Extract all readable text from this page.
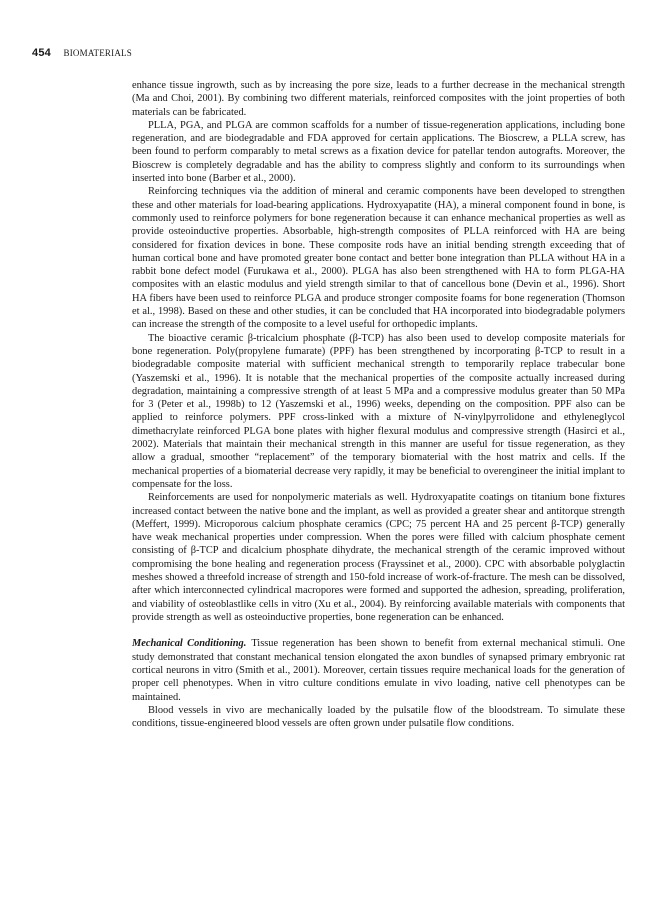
454 BIOMATERIALS

enhance tissue ingrowth, such as by increasing the pore size, leads to a further decrease in the mechanical strength (Ma and Choi, 2001). By combining two different materials, reinforced composites with the joint properties of both materials can be fabricated.

PLLA, PGA, and PLGA are common scaffolds for a number of tissue-regeneration applications, including bone regeneration, and are biodegradable and FDA approved for certain applications. The Bioscrew, a PLLA screw, has been found to perform comparably to metal screws as a fixation device for patellar tendon autografts. Moreover, the Bioscrew is completely degradable and has the ability to compress slightly and conform to its surroundings when inserted into bone (Barber et al., 2000).

Reinforcing techniques via the addition of mineral and ceramic components have been developed to strengthen these and other materials for load-bearing applications. Hydroxyapatite (HA), a mineral component found in bone, is commonly used to reinforce polymers for bone regeneration because it can enhance mechanical properties as well as provide osteoinductive properties. Absorbable, high-strength composites of PLLA reinforced with HA are being considered for fixation devices in bone. These composite rods have an initial bending strength exceeding that of human cortical bone and have promoted greater bone contact and better bone integration than PLLA without HA in a rabbit bone defect model (Furukawa et al., 2000). PLGA has also been strengthened with HA to form PLGA-HA composites with an elastic modulus and yield strength similar to that of cancellous bone (Devin et al., 1996). Short HA fibers have been used to reinforce PLGA and produce stronger composite foams for bone regeneration (Thomson et al., 1998). Based on these and other studies, it can be concluded that HA incorporated into biodegradable polymers can increase the strength of the composite to a level useful for orthopedic implants.

The bioactive ceramic β-tricalcium phosphate (β-TCP) has also been used to develop composite materials for bone regeneration. Poly(propylene fumarate) (PPF) has been strengthened by incorporating β-TCP to result in a biodegradable composite material with sufficient mechanical strength to temporarily replace trabecular bone (Yaszemski et al., 1996). It is notable that the mechanical properties of the composite actually increased during degradation, maintaining a compressive strength of at least 5 MPa and a compressive modulus greater than 50 MPa for 3 (Peter et al., 1998b) to 12 (Yaszemski et al., 1996) weeks, depending on the composition. PPF also can be applied to reinforce polymers. PPF cross-linked with a mixture of N-vinylpyrrolidone and ethyleneglycol dimethacrylate reinforced PLGA bone plates with higher flexural modulus and compressive strength (Hasirci et al., 2002). Materials that maintain their mechanical strength in this manner are useful for tissue regeneration, as they allow a gradual, smoother “replacement” of the temporary biomaterial with the host matrix and cells. If the mechanical properties of a biomaterial decrease very rapidly, it may be beneficial to overengineer the initial implant to compensate for the loss.

Reinforcements are used for nonpolymeric materials as well. Hydroxyapatite coatings on titanium bone fixtures increased contact between the native bone and the implant, as well as provided a greater shear and antitorque strength (Meffert, 1999). Microporous calcium phosphate ceramics (CPC; 75 percent HA and 25 percent β-TCP) generally have weak mechanical properties under compression. When the pores were filled with calcium phosphate cement consisting of β-TCP and dicalcium phosphate dihydrate, the mechanical strength of the ceramic improved without compromising the bone healing and regeneration process (Frayssinet et al., 2000). CPC with absorbable polyglactin meshes showed a threefold increase of strength and 150-fold increase of work-of-fracture. The mesh can be dissolved, after which interconnected cylindrical macropores were formed and supported the adhesion, spreading, proliferation, and viability of osteoblastlike cells in vitro (Xu et al., 2004). By reinforcing available materials with components that provide strength as well as osteoinductive properties, bone regeneration can be enhanced.

Mechanical Conditioning. Tissue regeneration has been shown to benefit from external mechanical stimuli. One study demonstrated that constant mechanical tension elongated the axon bundles of synapsed primary embryonic rat cortical neurons in vitro (Smith et al., 2001). Moreover, certain tissues require mechanical loads for the generation of proper cell phenotypes. When in vitro culture conditions emulate in vivo loading, native cell phenotypes can be maintained.

Blood vessels in vivo are mechanically loaded by the pulsatile flow of the bloodstream. To simulate these conditions, tissue-engineered blood vessels are often grown under pulsatile flow conditions.
